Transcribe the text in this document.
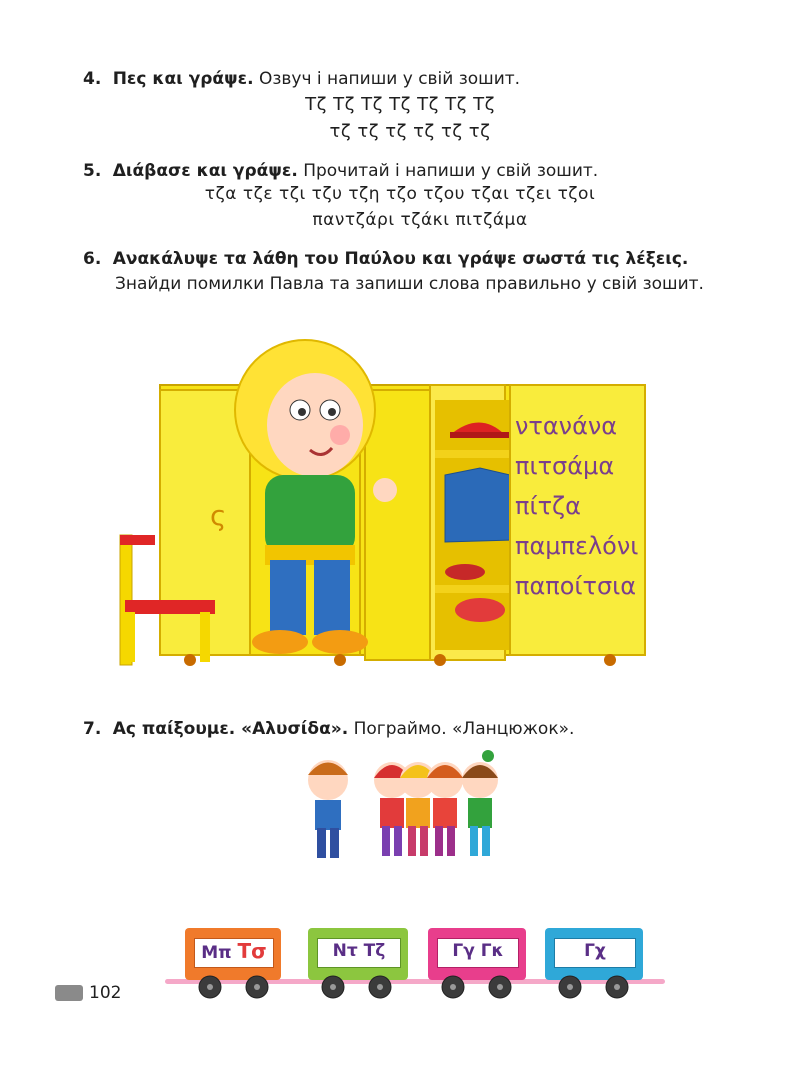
4. Πες και γράψε. Озвуч і напиши у свій зошит.
Τζ Τζ Τζ Τζ Τζ Τζ Τζ
τζ τζ τζ τζ τζ τζ
5. Διάβασε και γράψε. Прочитай і напиши у свій зошит.
τζα τζε τζι τζυ τζη τζο τζου τζαι τζει τζοι
παντζάρι τζάκι πιτζάμα
6. Ανακάλυψε τα λάθη του Παύλου και γράψε σωστά τις λέξεις.
Знайди помилки Павла та запиши слова правильно у свій зошит.
ς
ντανάνα
πιτσάμα
πίτζα
παμπελόνι
παποίτσια
7. Ας παίξουμε. «Αλυσίδα». Пограймо. «Ланцюжок».
Μπ Τσ	Ντ Τζ	Γγ Γκ	Γχ
102
